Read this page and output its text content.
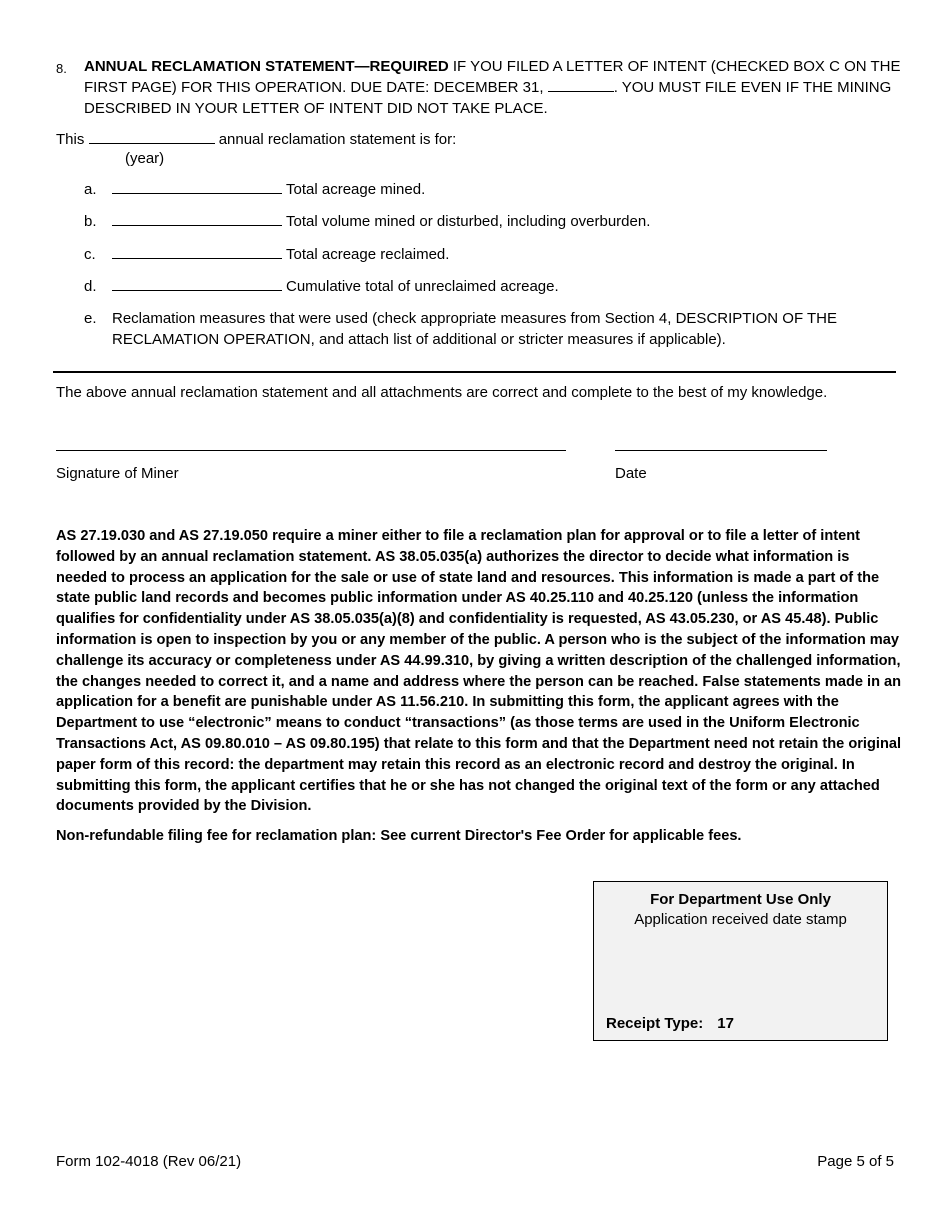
8. ANNUAL RECLAMATION STATEMENT—REQUIRED IF YOU FILED A LETTER OF INTENT (CHECKED BOX C ON THE FIRST PAGE) FOR THIS OPERATION. DUE DATE: DECEMBER 31,	. YOU MUST FILE EVEN IF THE MINING DESCRIBED IN YOUR LETTER OF INTENT DID NOT TAKE PLACE.
This	annual reclamation statement is for:
(year)
a.	Total acreage mined.
b.	Total volume mined or disturbed, including overburden.
c.	Total acreage reclaimed.
d.	Cumulative total of unreclaimed acreage.
e. Reclamation measures that were used (check appropriate measures from Section 4, DESCRIPTION OF THE RECLAMATION OPERATION, and attach list of additional or stricter measures if applicable).
The above annual reclamation statement and all attachments are correct and complete to the best of my knowledge.
Signature of Miner	Date
AS 27.19.030 and AS 27.19.050 require a miner either to file a reclamation plan for approval or to file a letter of intent followed by an annual reclamation statement. AS 38.05.035(a) authorizes the director to decide what information is needed to process an application for the sale or use of state land and resources. This information is made a part of the state public land records and becomes public information under AS 40.25.110 and 40.25.120 (unless the information qualifies for confidentiality under AS 38.05.035(a)(8) and confidentiality is requested, AS 43.05.230, or AS 45.48). Public information is open to inspection by you or any member of the public. A person who is the subject of the information may challenge its accuracy or completeness under AS 44.99.310, by giving a written description of the challenged information, the changes needed to correct it, and a name and address where the person can be reached. False statements made in an application for a benefit are punishable under AS 11.56.210. In submitting this form, the applicant agrees with the Department to use “electronic” means to conduct “transactions” (as those terms are used in the Uniform Electronic Transactions Act, AS 09.80.010 – AS 09.80.195) that relate to this form and that the Department need not retain the original paper form of this record: the department may retain this record as an electronic record and destroy the original. In submitting this form, the applicant certifies that he or she has not changed the original text of the form or any attached documents provided by the Division.
Non-refundable filing fee for reclamation plan: See current Director's Fee Order for applicable fees.
For Department Use Only
Application received date stamp
Receipt Type: 17
Form 102-4018 (Rev 06/21)	Page 5 of 5
